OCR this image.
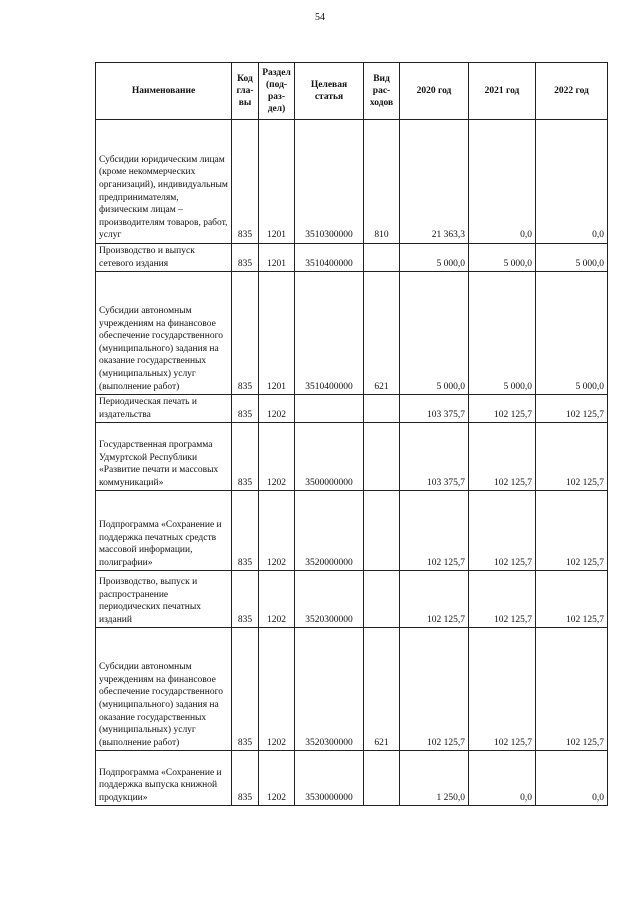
54
Наименование	Код гла- вы	Раздел (под- раз- дел)	Целевая статья	Вид рас- ходов	2020 год	2021 год	2022 год

Субсидии юридическим лицам (кроме некоммерческих организаций), индивидуальным предпринимателям, физическим лицам – производителям товаров, работ, услуг	835	1201	3510300000	810	21 363,3	0,0	0,0

Производство и выпуск сетевого издания	835	1201	3510400000		5 000,0	5 000,0	5 000,0

Субсидии автономным учреждениям на финансовое обеспечение государственного (муниципального) задания на оказание государственных (муниципальных) услуг (выполнение работ)	835	1201	3510400000	621	5 000,0	5 000,0	5 000,0

Периодическая печать и издательства	835	1202			103 375,7	102 125,7	102 125,7

Государственная программа Удмуртской Республики «Развитие печати и массовых коммуникаций»	835	1202	3500000000		103 375,7	102 125,7	102 125,7

Подпрограмма «Сохранение и поддержка печатных средств массовой информации, полиграфии»	835	1202	3520000000		102 125,7	102 125,7	102 125,7

Производство, выпуск и распространение периодических печатных изданий	835	1202	3520300000		102 125,7	102 125,7	102 125,7

Субсидии автономным учреждениям на финансовое обеспечение государственного (муниципального) задания на оказание государственных (муниципальных) услуг (выполнение работ)	835	1202	3520300000	621	102 125,7	102 125,7	102 125,7

Подпрограмма «Сохранение и поддержка выпуска книжной продукции»	835	1202	3530000000		1 250,0	0,0	0,0
